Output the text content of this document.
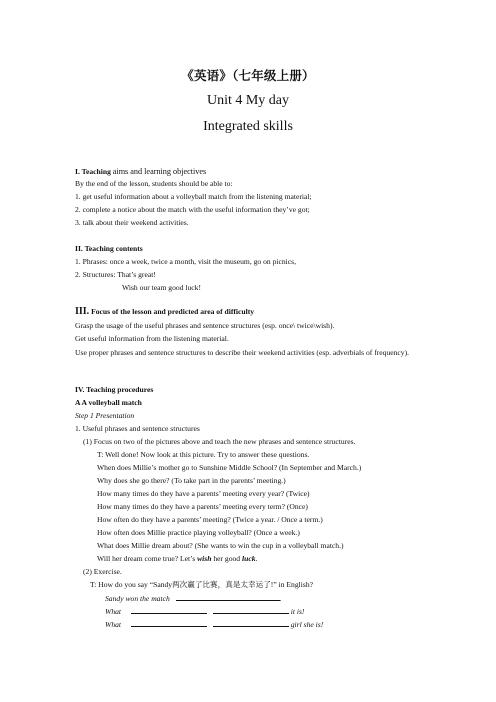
《英语》（七年级上册）
Unit 4 My day
Integrated skills
I. Teaching aims and learning objectives
By the end of the lesson, students should be able to:
1. get useful information about a volleyball match from the listening material;
2. complete a notice about the match with the useful information they’ve got;
3. talk about their weekend activities.
II. Teaching contents
1. Phrases: once a week, twice a month, visit the museum, go on picnics,
2. Structures: That’s great!
Wish our team good luck!
III. Focus of the lesson and predicted area of difficulty
Grasp the usage of the useful phrases and sentence structures (esp. once\ twice\wish).
Get useful information from the listening material.
Use proper phrases and sentence structures to describe their weekend activities (esp. adverbials of frequency).
IV. Teaching procedures
A A volleyball match
Step 1 Presentation
1. Useful phrases and sentence structures
(1) Focus on two of the pictures above and teach the new phrases and sentence structures.
T: Well done! Now look at this picture. Try to answer these questions.
When does Millie’s mother go to Sunshine Middle School? (In September and March.)
Why does she go there? (To take part in the parents’ meeting.)
How many times do they have a parents’ meeting every year? (Twice)
How many times do they have a parents’ meeting every term? (Once)
How often do they have a parents’ meeting? (Twice a year. / Once a term.)
How often does Millie practice playing volleyball? (Once a week.)
What does Millie dream about? (She wants to win the cup in a volleyball match.)
Will her dream come true? Let’s wish her good luck.
(2) Exercise.
T: How do you say “Sandy两次赢了比赛，真是太幸运了!” in English?
Sandy won the match	.
What	it is!
What	girl she is!
